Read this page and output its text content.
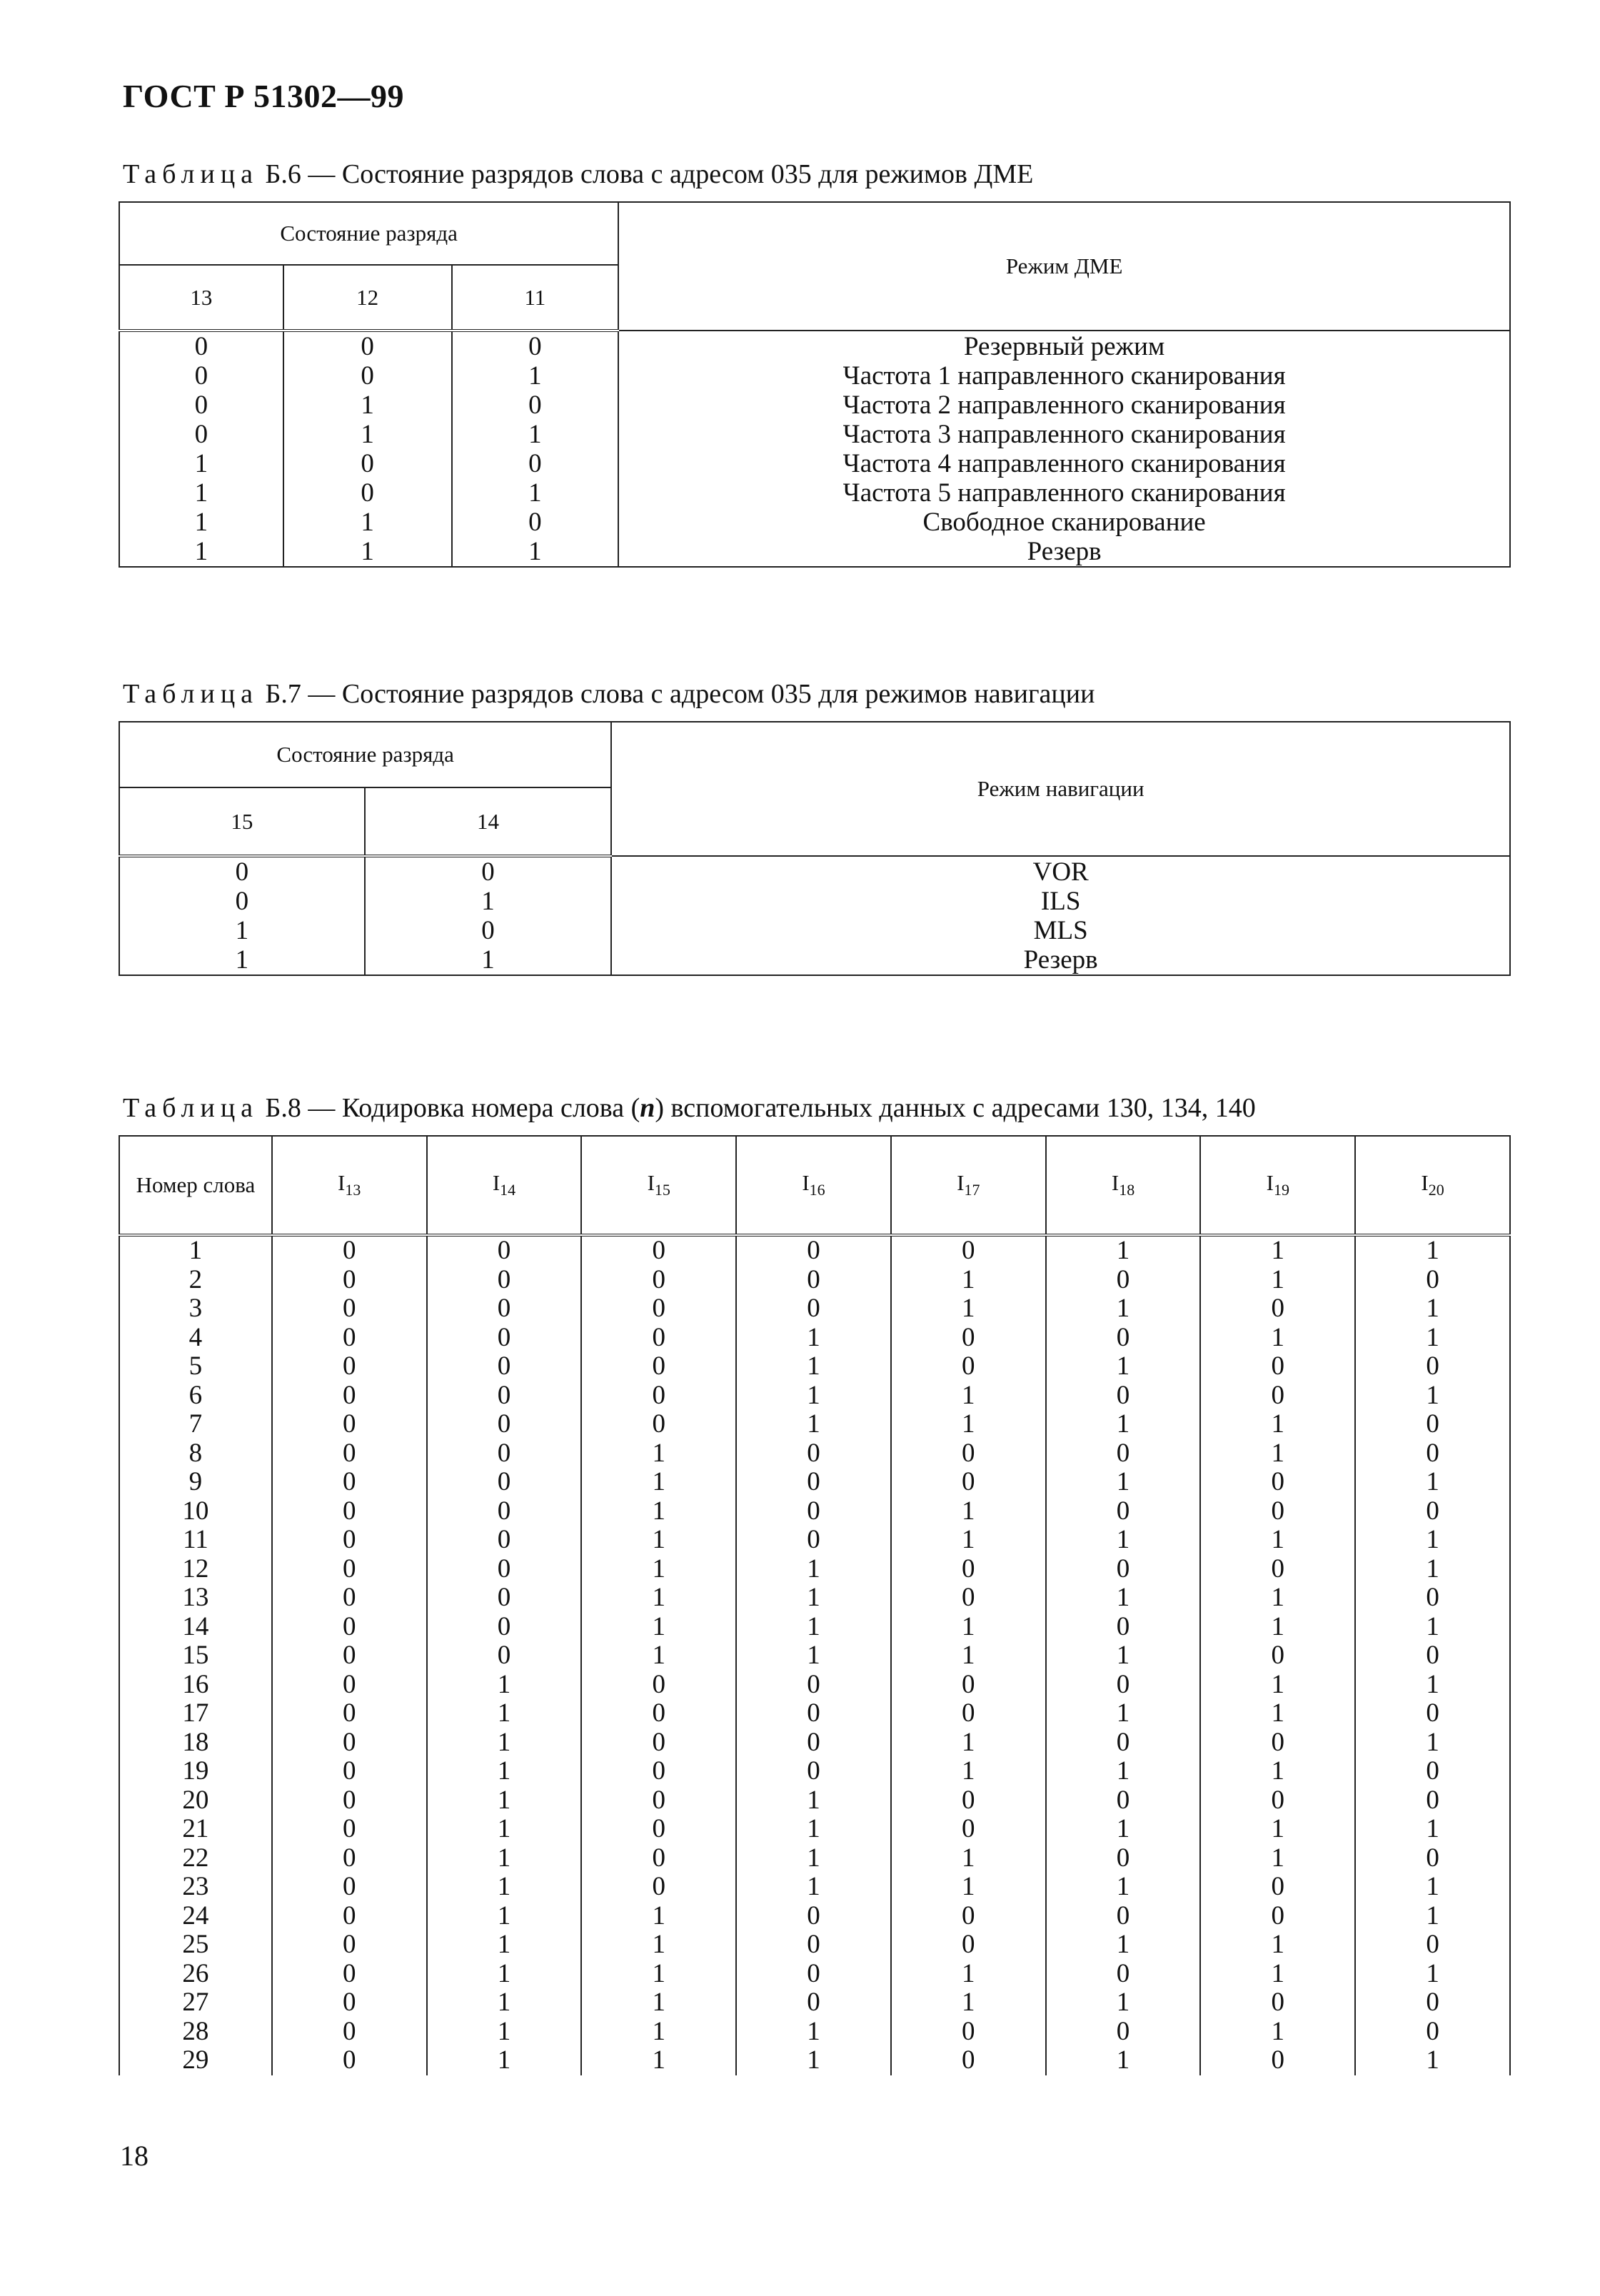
ГОСТ Р 51302—99
Таблица Б.6 — Состояние разрядов слова с адресом 035 для режимов ДМЕ
Состояние разряда			Режим ДМЕ
13	12	11	
0	0	0	Резервный режим
0	0	1	Частота 1 направленного сканирования
0	1	0	Частота 2 направленного сканирования
0	1	1	Частота 3 направленного сканирования
1	0	0	Частота 4 направленного сканирования
1	0	1	Частота 5 направленного сканирования
1	1	0	Свободное сканирование
1	1	1	Резерв
Таблица Б.7 — Состояние разрядов слова с адресом 035 для режимов навигации
Состояние разряда		Режим навигации
15	14	
0	0	VOR
0	1	ILS
1	0	MLS
1	1	Резерв
Таблица Б.8 — Кодировка номера слова (n) вспомогательных данных с адресами 130, 134, 140
Номер слова	$I_{13}$	$I_{14}$	$I_{15}$	$I_{16}$	$I_{17}$	$I_{18}$	$I_{19}$	$I_{20}$
1	0	0	0	0	0	1	1	1
2	0	0	0	0	1	0	1	0
3	0	0	0	0	1	1	0	1
4	0	0	0	1	0	0	1	1
5	0	0	0	1	0	1	0	0
6	0	0	0	1	1	0	0	1
7	0	0	0	1	1	1	1	0
8	0	0	1	0	0	0	1	0
9	0	0	1	0	0	1	0	1
10	0	0	1	0	1	0	0	0
11	0	0	1	0	1	1	1	1
12	0	0	1	1	0	0	0	1
13	0	0	1	1	0	1	1	0
14	0	0	1	1	1	0	1	1
15	0	0	1	1	1	1	0	0
16	0	1	0	0	0	0	1	1
17	0	1	0	0	0	1	1	0
18	0	1	0	0	1	0	0	1
19	0	1	0	0	1	1	1	0
20	0	1	0	1	0	0	0	0
21	0	1	0	1	0	1	1	1
22	0	1	0	1	1	0	1	0
23	0	1	0	1	1	1	0	1
24	0	1	1	0	0	0	0	1
25	0	1	1	0	0	1	1	0
26	0	1	1	0	1	0	1	1
27	0	1	1	0	1	1	0	0
28	0	1	1	1	0	0	1	0
29	0	1	1	1	0	1	0	1
18
